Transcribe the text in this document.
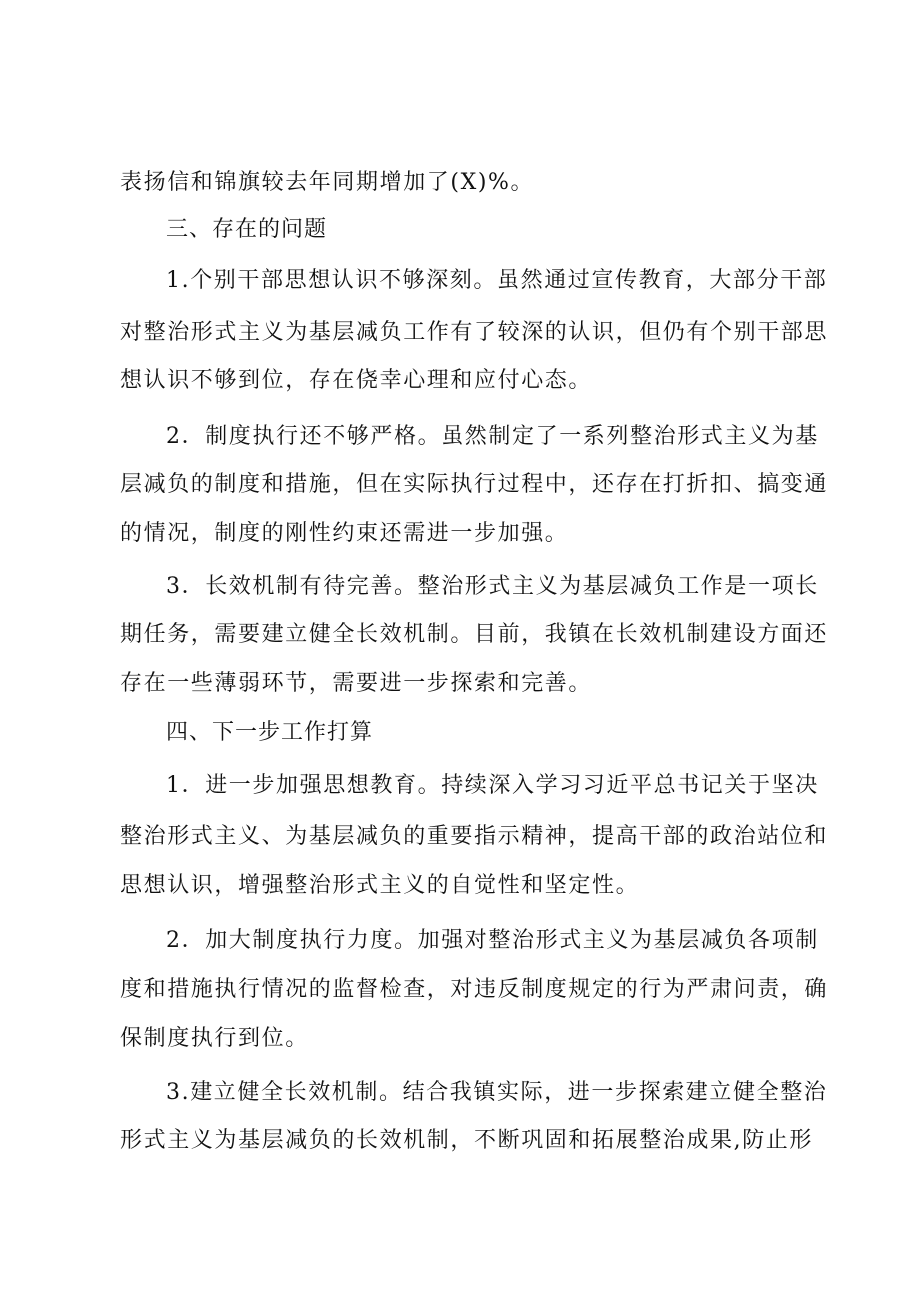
表扬信和锦旗较去年同期增加了(X)%。
三、存在的问题
1.个别干部思想认识不够深刻。虽然通过宣传教育，大部分干部
对整治形式主义为基层减负工作有了较深的认识，但仍有个别干部思
想认识不够到位，存在侥幸心理和应付心态。
2．制度执行还不够严格。虽然制定了一系列整治形式主义为基
层减负的制度和措施，但在实际执行过程中，还存在打折扣、搞变通
的情况，制度的刚性约束还需进一步加强。
3．长效机制有待完善。整治形式主义为基层减负工作是一项长
期任务，需要建立健全长效机制。目前，我镇在长效机制建设方面还
存在一些薄弱环节，需要进一步探索和完善。
四、下一步工作打算
1．进一步加强思想教育。持续深入学习习近平总书记关于坚决
整治形式主义、为基层减负的重要指示精神，提高干部的政治站位和
思想认识，增强整治形式主义的自觉性和坚定性。
2．加大制度执行力度。加强对整治形式主义为基层减负各项制
度和措施执行情况的监督检查，对违反制度规定的行为严肃问责，确
保制度执行到位。
3.建立健全长效机制。结合我镇实际，进一步探索建立健全整治
形式主义为基层减负的长效机制，不断巩固和拓展整治成果,防止形
